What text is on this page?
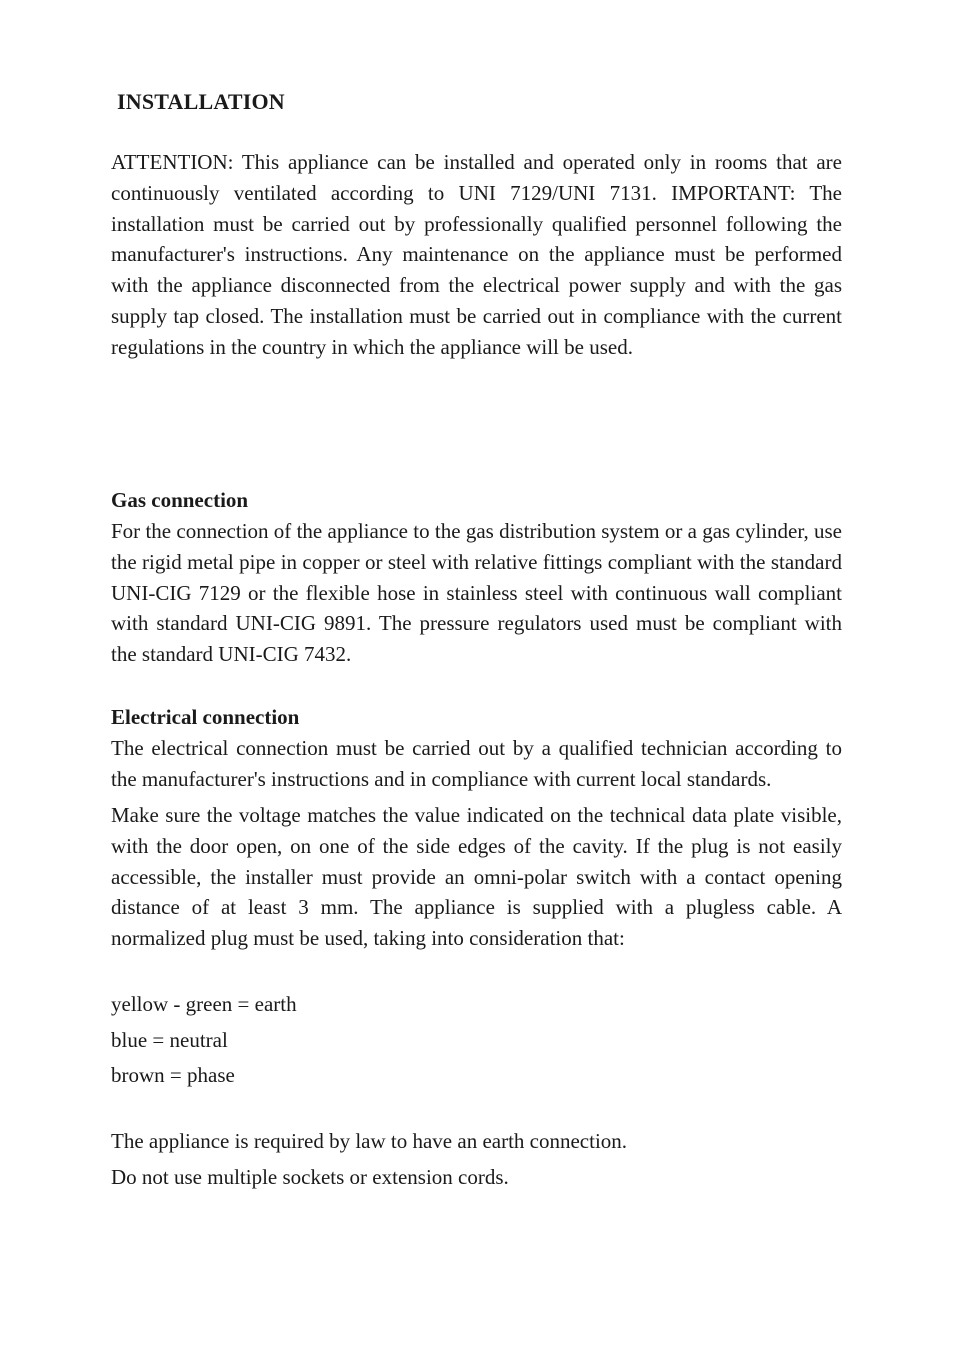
INSTALLATION

ATTENTION: This appliance can be installed and operated only in rooms that are continuously ventilated according to UNI 7129/UNI 7131. IMPORTANT: The installation must be carried out by professionally qualified personnel following the manufacturer's instructions. Any maintenance on the appliance must be performed with the appliance disconnected from the electrical power supply and with the gas supply tap closed. The installation must be carried out in compliance with the current regulations in the country in which the appliance will be used.

Gas connection

For the connection of the appliance to the gas distribution system or a gas cylinder, use the rigid metal pipe in copper or steel with relative fittings compliant with the standard UNI-CIG 7129 or the flexible hose in stainless steel with continuous wall compliant with standard UNI-CIG 9891. The pressure regulators used must be compliant with the standard UNI-CIG 7432.

Electrical connection

The electrical connection must be carried out by a qualified technician according to the manufacturer's instructions and in compliance with current local standards.

Make sure the voltage matches the value indicated on the technical data plate visible, with the door open, on one of the side edges of the cavity. If the plug is not easily accessible, the installer must provide an omni-polar switch with a contact opening distance of at least 3 mm. The appliance is supplied with a plugless cable. A normalized plug must be used, taking into consideration that:

yellow - green = earth

blue = neutral

brown = phase

The appliance is required by law to have an earth connection.

Do not use multiple sockets or extension cords.
